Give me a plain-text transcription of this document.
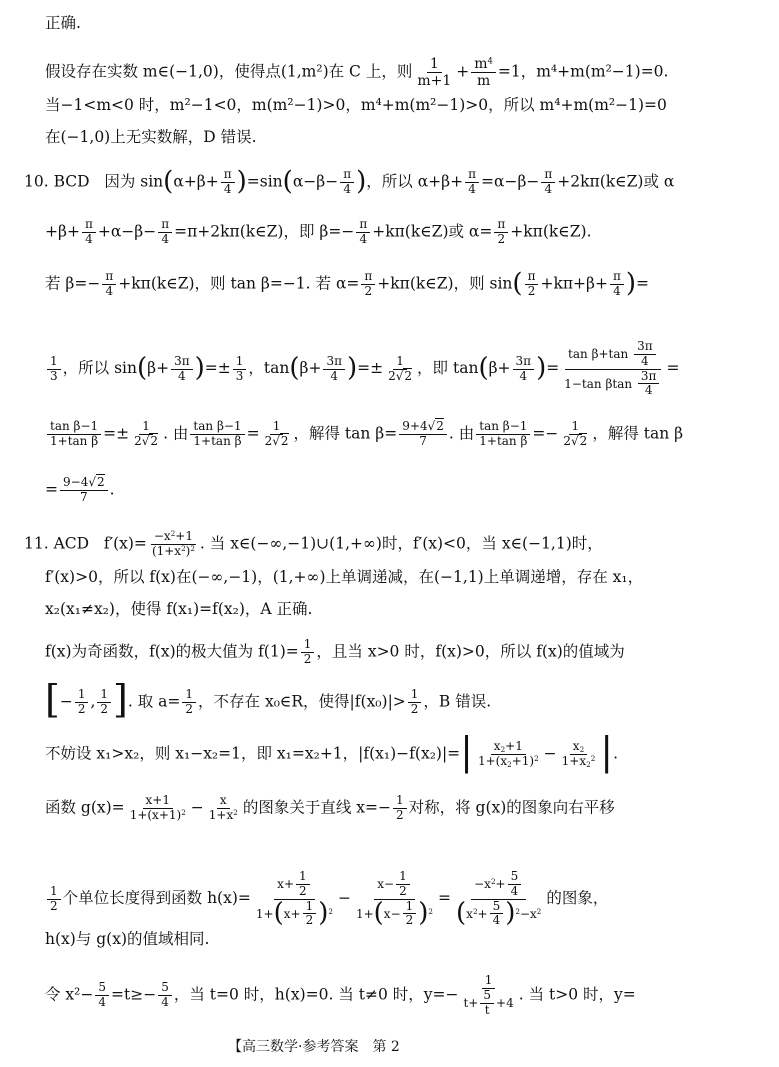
正确.
假设存在实数 m∈(−1,0)，使得点(1,m²)在 C 上，则 $\frac{1}{m+1} + \frac{m^4}{m} =1$，m⁴+m(m²−1)=0.
当−1<m<0 时，m²−1<0，m(m²−1)>0，m⁴+m(m²−1)>0，所以 m⁴+m(m²−1)=0
在(−1,0)上无实数解，D 错误.
10. BCD 因为 $\sin(\alpha+\beta+ \frac{\pi}{4} )=\sin(\alpha-\beta- \frac{\pi}{4}$ )，所以 $\alpha+\beta+ \frac{\pi}{4} =\alpha-\beta- \frac{\pi}{4}$ +2kπ(k∈Z)或 α
$+\beta+ \frac{\pi}{4} +\alpha-\beta- \frac{\pi}{4}$ =π+2kπ(k∈Z)，即 $\beta=- \frac{\pi}{4}$ +kπ(k∈Z)或 $\alpha= \frac{\pi}{2}$ +kπ(k∈Z).
若 $\beta=- \frac{\pi}{4}$ +kπ(k∈Z)，则 tan β=−1. 若 $\alpha= \frac{\pi}{2}$ +kπ(k∈Z)，则 $\sin( \frac{\pi}{2} +k\pi+\beta+ \frac{\pi}{4}$ )=
$\frac{1}{3}$ ，所以 $\sin(\beta+ \frac{3\pi}{4}$ )=± $\frac{1}{3}$ ，$\tan(\beta+ \frac{3\pi}{4}$ )=± $\frac{1}{2√2}$ ，即 $\tan(\beta+ \frac{3\pi}{4}$ )= $\frac{\tan \beta+\tan \frac{3\pi}{4}}{1-\tan \beta\tan \frac{3\pi}{4}}$ =
$\frac{\text{tan β−1}}{\text{1+tan β}} =\pm \frac{1}{2√2}$ . 由 $\frac{\text{tan β−1}}{\text{1+tan β}} = \frac{1}{2√2}$ ，解得 $\tan \beta= \frac{9+4√2}{7}$ . 由 $\frac{\text{tan β−1}}{\text{1+tan β}} =- \frac{1}{2√2}$ ，解得 tan β
= $\frac{9-4√2}{7}$ .
11. ACD $f'(x)= \frac{-x^2+1}{(1+x^2)^2}$ . 当 x∈(−∞,−1)∪(1,+∞)时，f′(x)<0，当 x∈(−1,1)时，
f′(x)>0，所以 f(x)在(−∞,−1)，(1,+∞)上单调递减，在(−1,1)上单调递增，存在 x₁，
x₂(x₁≠x₂)，使得 f(x₁)=f(x₂)，A 正确.
f(x)为奇函数，f(x)的极大值为 $f(1)= \frac{1}{2}$ ，且当 x>0 时，f(x)>0，所以 f(x)的值域为
[− $\frac{1}{2}$ , $\frac{1}{2}$ ]. 取 $a= \frac{1}{2}$ ，不存在 x₀∈R，使得$|f(x_0)|> \frac{1}{2}$ ，B 错误.
不妨设 x₁>x₂，则 x₁−x₂=1，即 x₁=x₂+1，$|f(x_1)-f(x_2)|=| \frac{x_2+1}{1+(x_2+1)^2} - \frac{x_2}{1+x_2^2}$ |.
函数 $g(x)= \frac{x+1}{1+(x+1)^2} - \frac{x}{1+x^2}$ 的图象关于直线 $x=- \frac{1}{2}$ 对称，将 g(x)的图象向右平移
$\frac{1}{2}$ 个单位长度得到函数 $h(x)= \frac{x+ \frac{1}{2}}{1+(x+ \frac{1}{2} )^2} - \frac{x- \frac{1}{2}}{1+(x- \frac{1}{2} )^2} = \frac{-x^2+ \frac{5}{4}}{(x^2+ \frac{5}{4} )^2-x^2}$ 的图象，
h(x)与 g(x)的值域相同.
令 $x^2- \frac{5}{4} =t\ge- \frac{5}{4}$ ，当 t=0 时，h(x)=0. 当 t≠0 时，$y=- \frac{1}{t+ \frac{5}{t} +4}$ . 当 t>0 时，y=
【高三数学·参考答案　第 2
